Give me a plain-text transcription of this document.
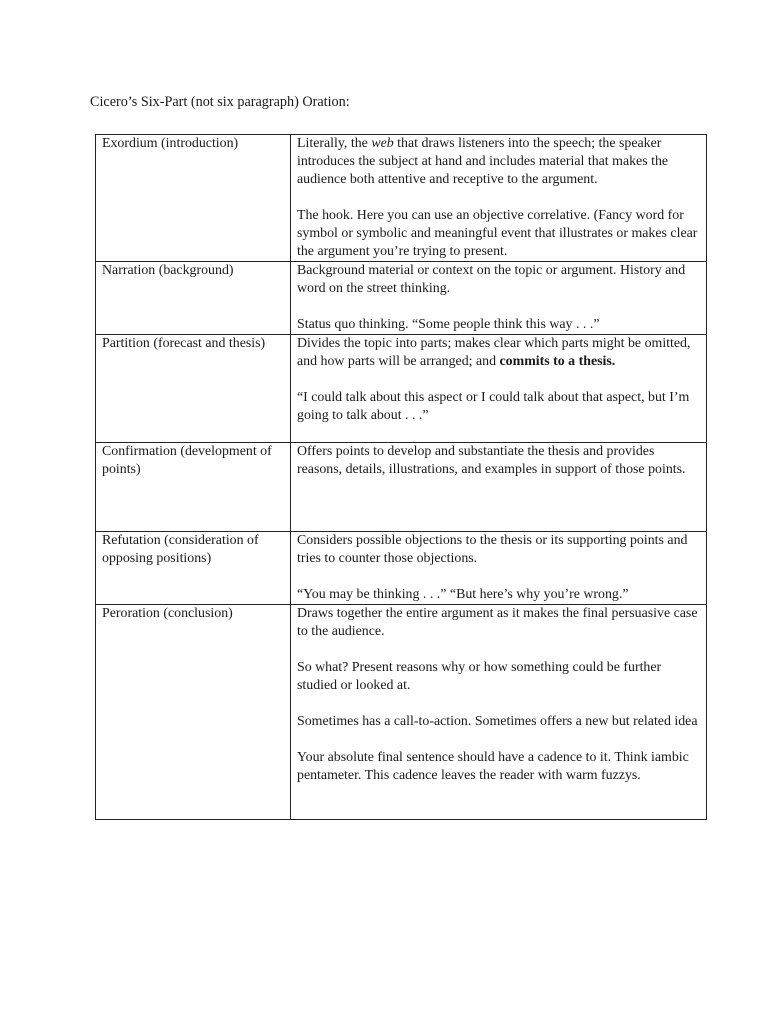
Cicero’s Six-Part (not six paragraph) Oration:
Exordium (introduction)	Literally, the web that draws listeners into the speech; the speaker introduces the subject at hand and includes material that makes the audience both attentive and receptive to the argument.

The hook. Here you can use an objective correlative. (Fancy word for symbol or symbolic and meaningful event that illustrates or makes clear the argument you’re trying to present.

Narration (background)	Background material or context on the topic or argument. History and word on the street thinking.

Status quo thinking. “Some people think this way . . .”

Partition (forecast and thesis)	Divides the topic into parts; makes clear which parts might be omitted, and how parts will be arranged; and commits to a thesis.

“I could talk about this aspect or I could talk about that aspect, but I’m going to talk about . . .”

Confirmation (development of points)	Offers points to develop and substantiate the thesis and provides reasons, details, illustrations, and examples in support of those points.

Refutation (consideration of opposing positions)	Considers possible objections to the thesis or its supporting points and tries to counter those objections.

“You may be thinking . . .” “But here’s why you’re wrong.”

Peroration (conclusion)	Draws together the entire argument as it makes the final persuasive case to the audience.

So what? Present reasons why or how something could be further studied or looked at.

Sometimes has a call-to-action. Sometimes offers a new but related idea

Your absolute final sentence should have a cadence to it. Think iambic pentameter. This cadence leaves the reader with warm fuzzys.
